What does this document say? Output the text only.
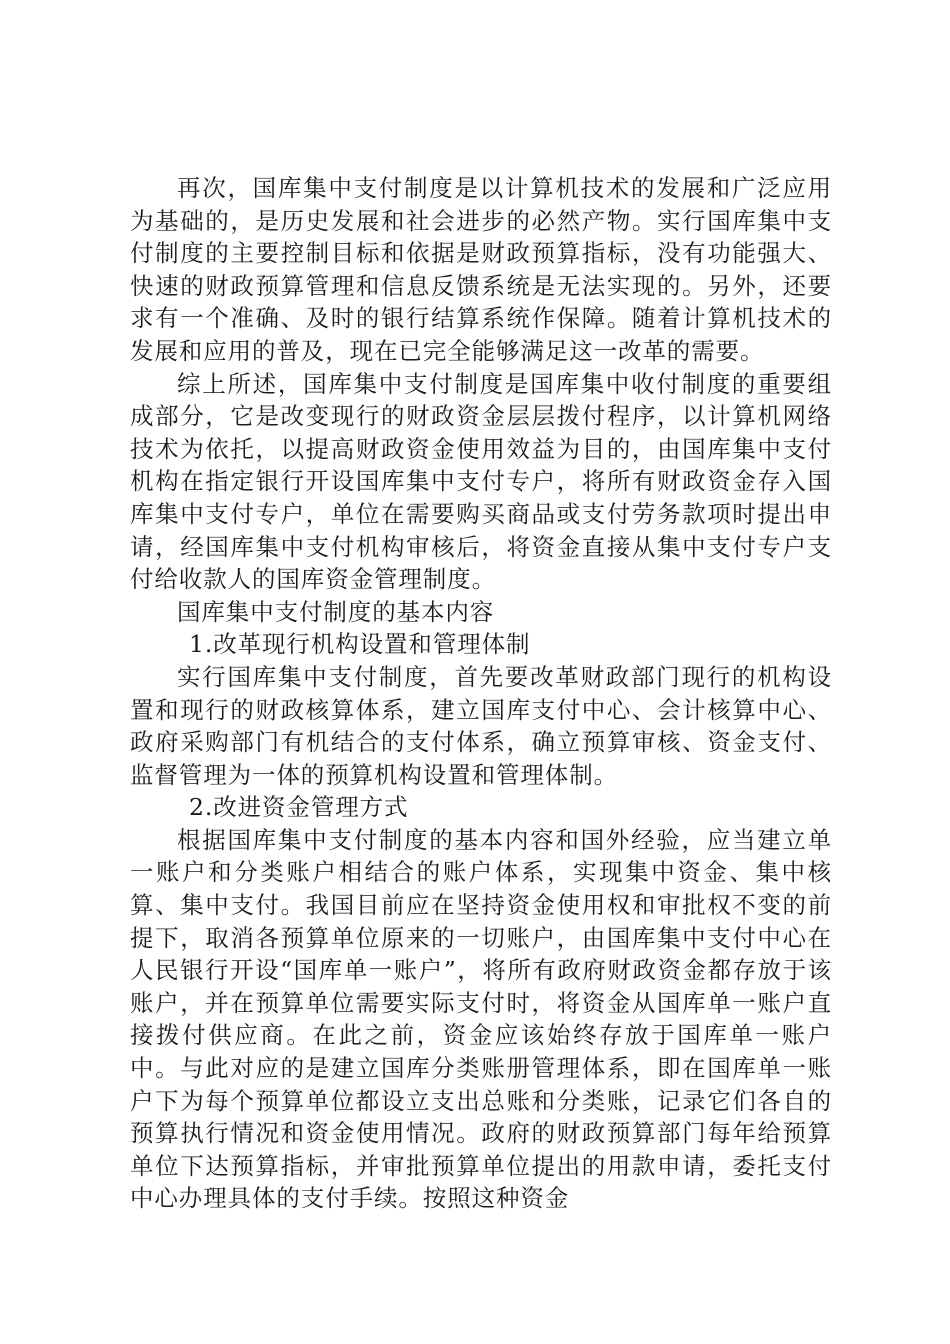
再次，国库集中支付制度是以计算机技术的发展和广泛应用为基础的，是历史发展和社会进步的必然产物。实行国库集中支付制度的主要控制目标和依据是财政预算指标，没有功能强大、快速的财政预算管理和信息反馈系统是无法实现的。另外，还要求有一个准确、及时的银行结算系统作保障。随着计算机技术的发展和应用的普及，现在已完全能够满足这一改革的需要。

综上所述，国库集中支付制度是国库集中收付制度的重要组成部分，它是改变现行的财政资金层层拨付程序，以计算机网络技术为依托，以提高财政资金使用效益为目的，由国库集中支付机构在指定银行开设国库集中支付专户，将所有财政资金存入国库集中支付专户，单位在需要购买商品或支付劳务款项时提出申请，经国库集中支付机构审核后，将资金直接从集中支付专户支付给收款人的国库资金管理制度。

国库集中支付制度的基本内容

1.改革现行机构设置和管理体制

实行国库集中支付制度，首先要改革财政部门现行的机构设置和现行的财政核算体系，建立国库支付中心、会计核算中心、政府采购部门有机结合的支付体系，确立预算审核、资金支付、监督管理为一体的预算机构设置和管理体制。

2.改进资金管理方式

根据国库集中支付制度的基本内容和国外经验，应当建立单一账户和分类账户相结合的账户体系，实现集中资金、集中核算、集中支付。我国目前应在坚持资金使用权和审批权不变的前提下，取消各预算单位原来的一切账户，由国库集中支付中心在人民银行开设“国库单一账户”，将所有政府财政资金都存放于该账户，并在预算单位需要实际支付时，将资金从国库单一账户直接拨付供应商。在此之前，资金应该始终存放于国库单一账户中。与此对应的是建立国库分类账册管理体系，即在国库单一账户下为每个预算单位都设立支出总账和分类账，记录它们各自的预算执行情况和资金使用情况。政府的财政预算部门每年给预算单位下达预算指标，并审批预算单位提出的用款申请，委托支付中心办理具体的支付手续。按照这种资金
